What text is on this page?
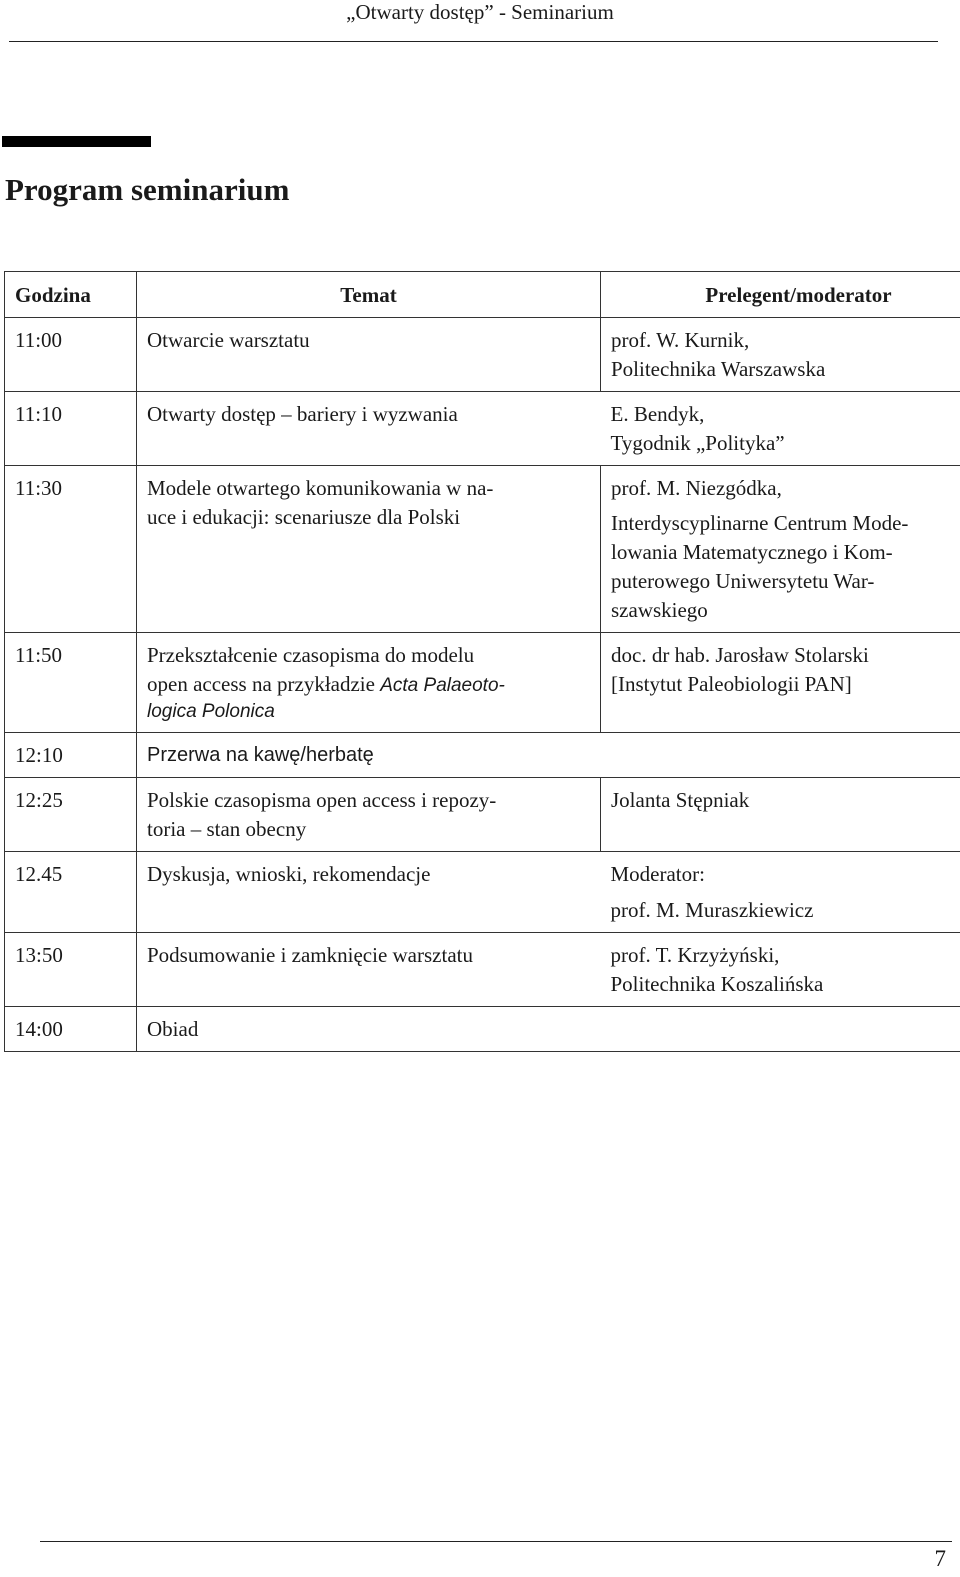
„Otwarty dostęp” - Seminarium
Program seminarium
Godzina	Temat	Prelegent/moderator
11:00	Otwarcie warsztatu	prof. W. Kurnik,
Politechnika Warszawska

11:10	Otwarty dostęp – bariery i wyzwania	E. Bendyk,
Tygodnik „Polityka”

11:30	Modele otwartego komunikowania w na-
uce i edukacji: scenariusze dla Polski	prof. M. Niezgódka,
Interdyscyplinarne Centrum Mode-
lowania Matematycznego i Kom-
puterowego Uniwersytetu War-
szawskiego

11:50	Przekształcenie czasopisma do modelu
open access na przykładzie Acta Palaeoto-
logica Polonica	doc. dr hab. Jarosław Stolarski
[Instytut Paleobiologii PAN]

12:10	Przerwa na kawę/herbatę	

12:25	Polskie czasopisma open access i repozy-
toria – stan obecny	Jolanta Stępniak

12.45	Dyskusja, wnioski, rekomendacje	Moderator:
prof. M. Muraszkiewicz

13:50	Podsumowanie i zamknięcie warsztatu	prof. T. Krzyżyński,
Politechnika Koszalińska

14:00	Obiad	

7
